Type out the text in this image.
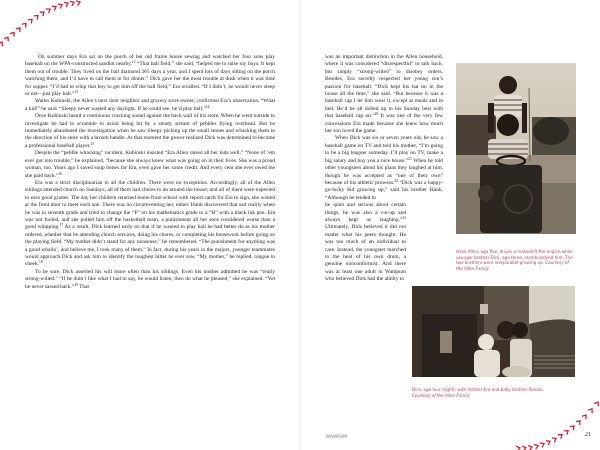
On summer days Era sat on the porch of her old frame house sewing and watched her four sons play baseball on the WPA-constructed sandlot nearby.$^{12}$ “That ball field,” she said, “helped me to raise my boys. It kept them out of trouble. They lived on the ball diamond 365 days a year, and I spent lots of days sitting on the porch watching them, and I’d have to call them in for dinner.” Dick gave her the most trouble at dusk when it was time for supper. “I’d had to whip that boy to get him off the ball field,” Era recalled. “If I didn’t, he would never sleep or eat—just play ball.”$^{13}$

Walter Kubinski, the Allen’s next door neighbor and grocery store owner, confirmed Era’s observation. “What a kid!” he said. “Sleepy never wasted any daylight. If he could see, he’d play ball.”$^{14}$

Once Kubinski heard a continuous cracking sound against the back wall of his store. When he went outside to investigate he had to scramble to avoid being hit by a steady stream of pebbles flying overhead. But he immediately abandoned the investigation when he saw Sleepy picking up the small stones and whacking them in the direction of his store with a broom handle. At that moment the grocer realized Dick was determined to become a professional baseball player.$^{15}$

Despite the “pebble whacking” incident, Kubinski insisted “Era Allen raised all her kids well.” “None of ’em ever got into trouble,” he explained, “because she always knew what was going on in their lives. She was a proud woman, too. Years ago I saved soup bones for Era, even gave her some credit. And every cent she ever owed me she paid back.”$^{16}$

Era was a strict disciplinarian to all the children. There were no exceptions. Accordingly, all of the Allen siblings attended church on Sundays; all of them had chores to do around the house; and all of them were expected to earn good grades. The day her children returned home from school with report cards for Era to sign, she waited at the front door to meet each one. There was no circumventing her, either. Hank discovered that sad reality when he was in seventh grade and tried to change the “F” on his mathematics grade to a “B” with a black ink pen. Era was not fooled, and she pulled him off the basketball team, a punishment all her sons considered worse than a good whipping.$^{17}$ As a result, Dick learned early on that if he wanted to play ball he had better do as his mother ordered, whether that be attending church services, doing his chores, or completing his homework before going on the playing field. “My mother didn’t stand for any nonsense,” he remembered. “The punishment for anything was a good whalin’, and believe me, I took many of them.” In fact, during his years in the majors, younger teammates would approach Dick and ask him to identify the toughest hitter he ever saw. “My mother,” he replied, tongue in cheek.$^{18}$

To be sure, Dick asserted his will more often than his siblings. Even his mother admitted he was “really strong-willed.” “If he didn’t like what I had to say, he would listen, then do what he pleased,” she explained. “Yet he never sassed back.”$^{19}$ That

was an important distinction in the Allen household, where it was considered “disrespectful” to talk back, but simply “strong-willed” to disobey orders. Besides, Era secretly respected her young son’s passion for baseball. “Dick kept his hat on in the house all the time,” she said. “But because it was a baseball cap I let him wear it, except at meals and in bed. He’d be all dolled up in his Sunday best with that baseball cap on.”$^{20}$ It was one of the very few concessions Era made because she knew how much her son loved the game.

When Dick was six or seven years old, he saw a baseball game on TV and told his mother, “I’m going to be a big leaguer someday. I’ll play on TV, make a big salary and buy you a nice house.”$^{21}$ When he told other youngsters about his plans they laughed at him, though he was accepted as “one of their own” because of his athletic prowess.$^{22}$ “Dick was a happy-go-lucky kid growing up,” said his brother Hank. “Although he tended to

be quiet and serious about certain things, he was also a cut-up and always kept us laughing.”$^{23}$ Ultimately, Dick believed it did not matter what his peers thought. He was too much of an individual to care. Instead, the youngster marched to the beat of his own drum, a genuine nonconformist. And there was at least one adult in Wampum who believed Dick had the ability to

Hank Allen, age five, drives a makeshift fire engine while younger brother Dick, age three, stands behind him. The two brothers were inseparable growing up. Courtesy of the Allen Family
Dick, age four (right), with mother Era and baby brother Ronnie.
Courtesy of the Allen Family
WAMPUM	21
